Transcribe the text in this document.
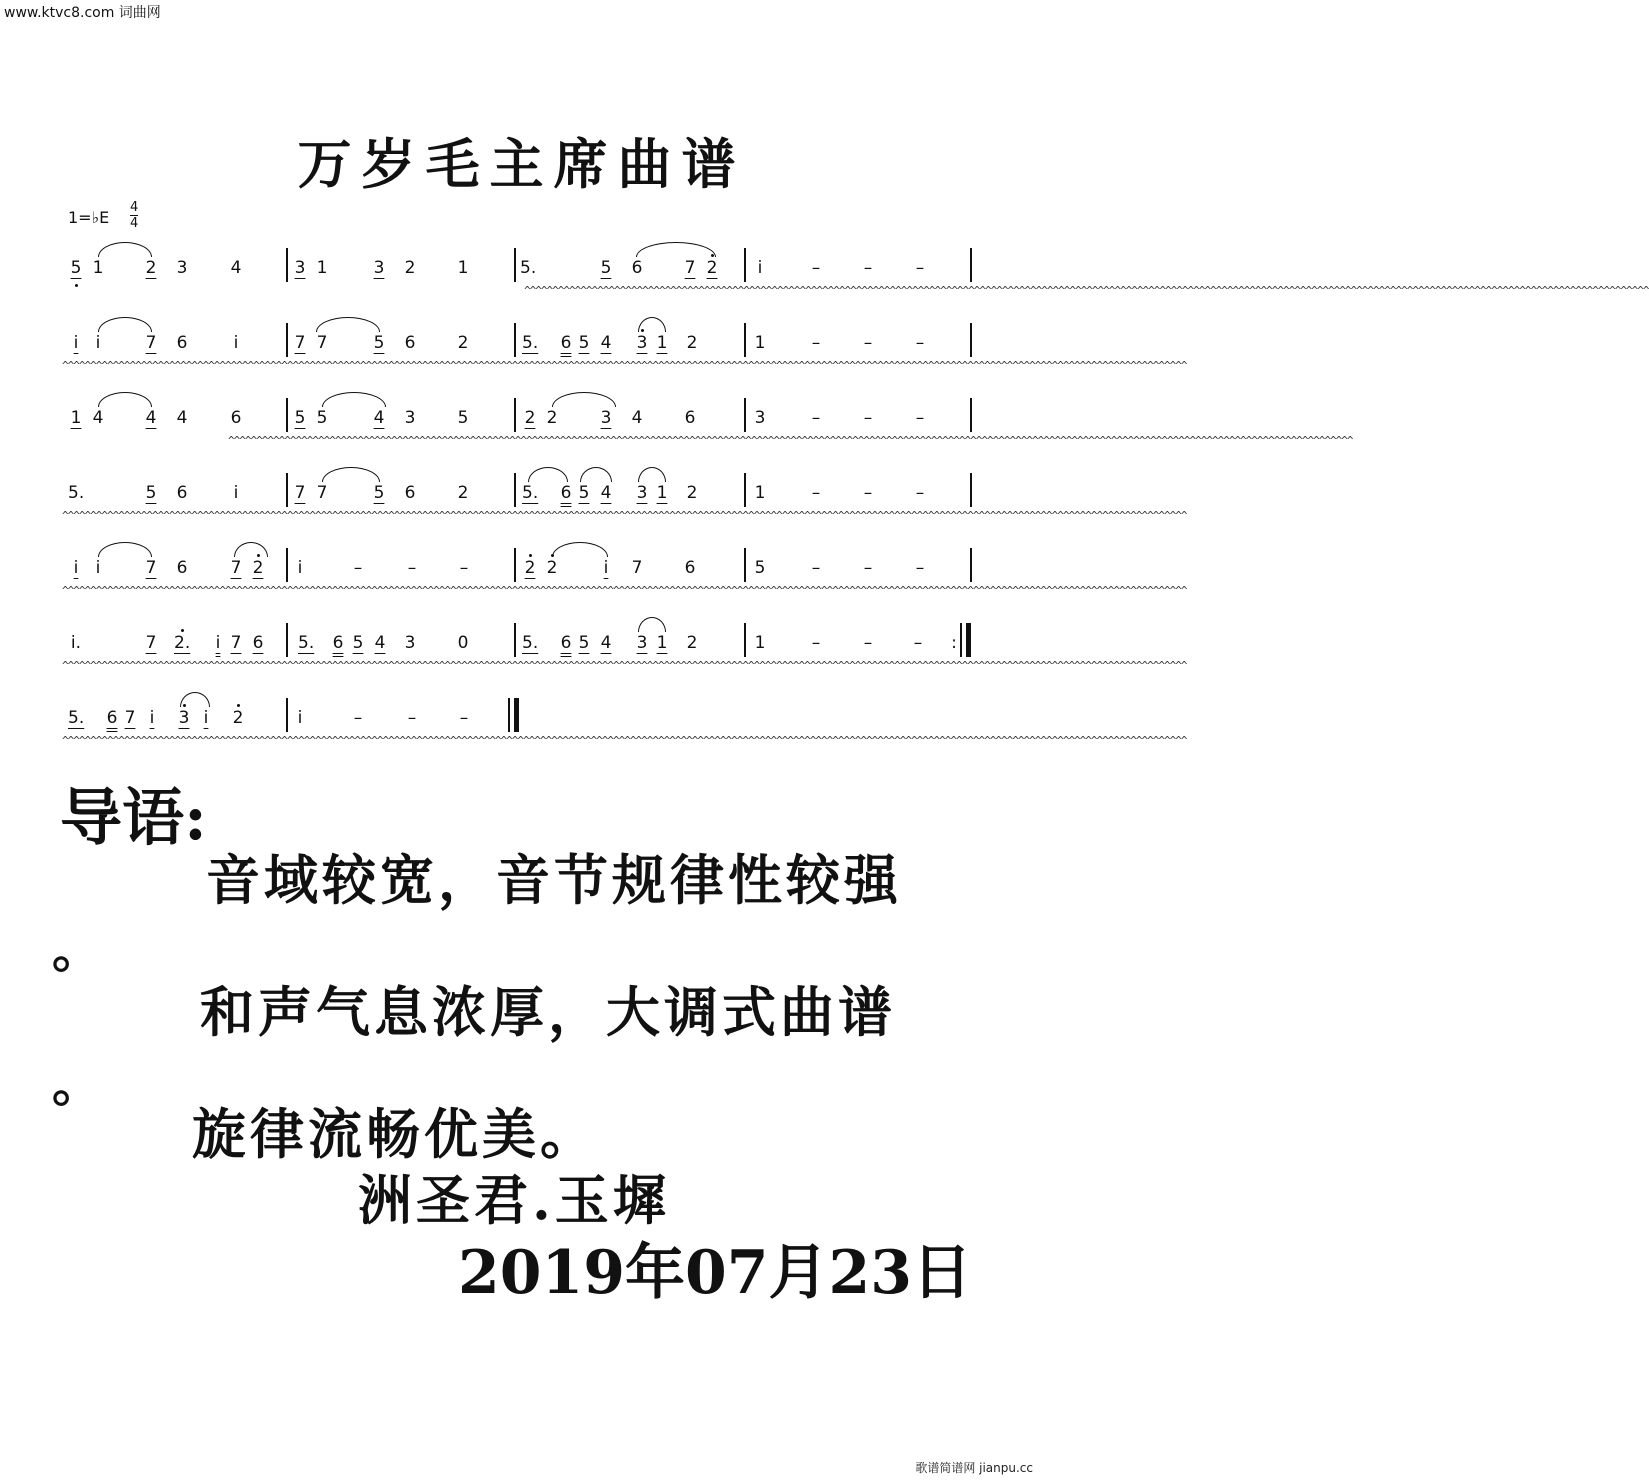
www.ktvc8.com 词曲网
万岁毛主席曲谱
1=♭E
4
4
5 1 2 3	4	3 1	3 2 1	5.	5 6 7 2	i	–	–	–
^^^^^^^^^^^^^^^^^^^^^^^^^^^^^^^^^^^^^^^^^^^^^^^^^^^^^^^^^^^^^^^^^^^^^^^^^^^^^^^^^^^^^^^^^^^^^^^^^^^^^^^^^^^^^^^^^^^^^^^^^^^^^^^^^^^^^^^^^^^^^^^^^^^^^^^^^^^^^^^^^^^^^^^^^^^^^^^^^^^^^^^^^^^^^^^^^^^^^^^^
i	i	7 6	i	7 7	5 6 2	5. 6 5 4 3 1 2	1	–	–	–
^^^^^^^^^^^^^^^^^^^^^^^^^^^^^^^^^^^^^^^^^^^^^^^^^^^^^^^^^^^^^^^^^^^^^^^^^^^^^^^^^^^^^^^^^^^^^^^^^^^^^^^^^^^^^^^^^^^^^^^^^^^^^^^^^^^^^^^^^^^^^^^^^^^^^^^^^^^^^^^^^^^^^^^^^^^^^^^^^^^^^^^^^^^^^^^^^^^^^^^^
1 4 4 4	6	5 5	4 3 5	2 2	3 4 6	3	–	–	–
^^^^^^^^^^^^^^^^^^^^^^^^^^^^^^^^^^^^^^^^^^^^^^^^^^^^^^^^^^^^^^^^^^^^^^^^^^^^^^^^^^^^^^^^^^^^^^^^^^^^^^^^^^^^^^^^^^^^^^^^^^^^^^^^^^^^^^^^^^^^^^^^^^^^^^^^^^^^^^^^^^^^^^^^^^^^^^^^^^^^^^^^^^^^^^^^^^^^^^^^
5.	5 6	i	7 7	5 6 2	5. 6 5 4 3 1 2	1	–	–	–
^^^^^^^^^^^^^^^^^^^^^^^^^^^^^^^^^^^^^^^^^^^^^^^^^^^^^^^^^^^^^^^^^^^^^^^^^^^^^^^^^^^^^^^^^^^^^^^^^^^^^^^^^^^^^^^^^^^^^^^^^^^^^^^^^^^^^^^^^^^^^^^^^^^^^^^^^^^^^^^^^^^^^^^^^^^^^^^^^^^^^^^^^^^^^^^^^^^^^^^^
i	i	7 6	7 2	i	–	–	–	2 2	i	7 6	5	–	–	–
^^^^^^^^^^^^^^^^^^^^^^^^^^^^^^^^^^^^^^^^^^^^^^^^^^^^^^^^^^^^^^^^^^^^^^^^^^^^^^^^^^^^^^^^^^^^^^^^^^^^^^^^^^^^^^^^^^^^^^^^^^^^^^^^^^^^^^^^^^^^^^^^^^^^^^^^^^^^^^^^^^^^^^^^^^^^^^^^^^^^^^^^^^^^^^^^^^^^^^^^
i.	7 2.	i 7 6 5. 6 5 4 3 0	5. 6 5 4 3 1 2	1	–	– –	:
^^^^^^^^^^^^^^^^^^^^^^^^^^^^^^^^^^^^^^^^^^^^^^^^^^^^^^^^^^^^^^^^^^^^^^^^^^^^^^^^^^^^^^^^^^^^^^^^^^^^^^^^^^^^^^^^^^^^^^^^^^^^^^^^^^^^^^^^^^^^^^^^^^^^^^^^^^^^^^^^^^^^^^^^^^^^^^^^^^^^^^^^^^^^^^^^^^^^^^^^
5. 6 7 i	3 i	2	i	–	–	–
^^^^^^^^^^^^^^^^^^^^^^^^^^^^^^^^^^^^^^^^^^^^^^^^^^^^^^^^^^^^^^^^^^^^^^^^^^^^^^^^^^^^^^^^^^^^^^^^^^^^^^^^^^^^^^^^^^^^^^^^^^^^^^^^^^^^^^^^^^^^^^^^^^^^^^^^^^^^^^^^^^^^^^^^^^^^^^^^^^^^^^^^^^^^^^^^^^^^^^^^
导语:
音域较宽，音节规律性较强
。
和声气息浓厚，大调式曲谱
。
旋律流畅优美。
洲圣君.玉墀
2019年07月23日
歌谱简谱网 jianpu.cc
